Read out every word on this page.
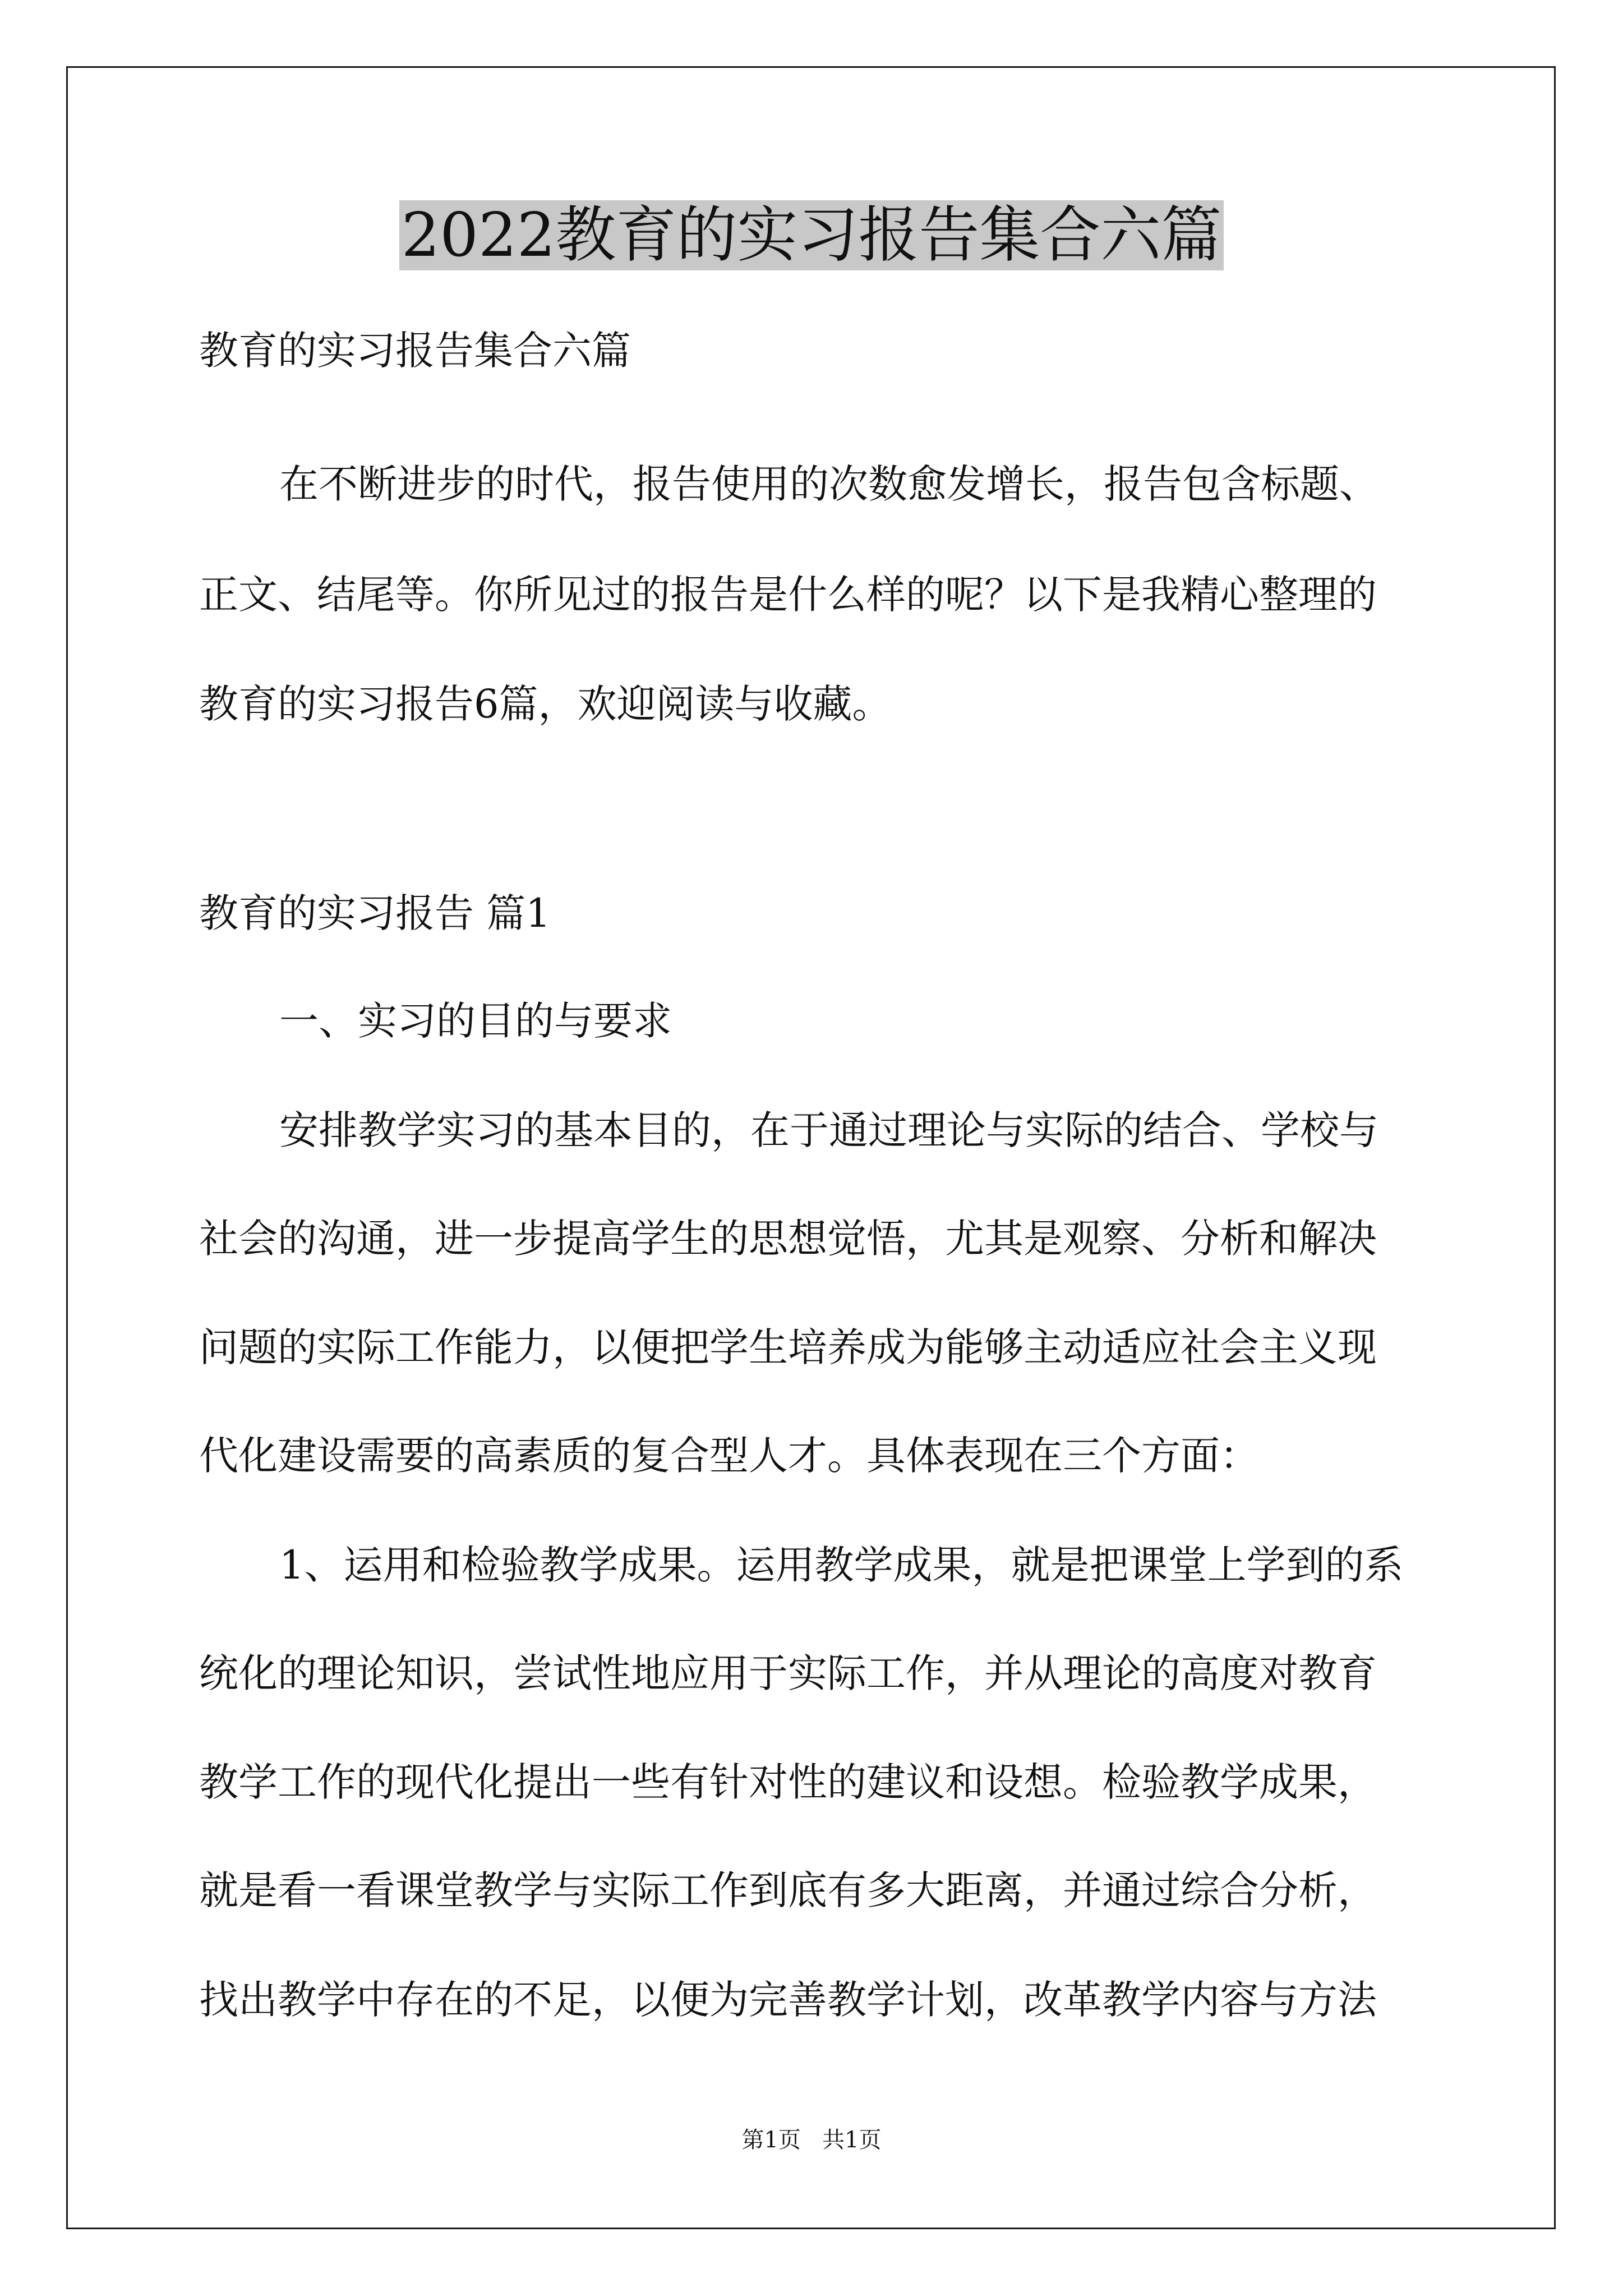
2022教育的实习报告集合六篇

教育的实习报告集合六篇

在不断进步的时代，报告使用的次数愈发增长，报告包含标题、

正文、结尾等。你所见过的报告是什么样的呢？以下是我精心整理的

教育的实习报告6篇，欢迎阅读与收藏。

教育的实习报告 篇1

一、实习的目的与要求

安排教学实习的基本目的，在于通过理论与实际的结合、学校与

社会的沟通，进一步提高学生的思想觉悟，尤其是观察、分析和解决

问题的实际工作能力，以便把学生培养成为能够主动适应社会主义现

代化建设需要的高素质的复合型人才。具体表现在三个方面：

1、运用和检验教学成果。运用教学成果，就是把课堂上学到的系

统化的理论知识，尝试性地应用于实际工作，并从理论的高度对教育

教学工作的现代化提出一些有针对性的建议和设想。检验教学成果，

就是看一看课堂教学与实际工作到底有多大距离，并通过综合分析，

找出教学中存在的不足，以便为完善教学计划，改革教学内容与方法

第1页   共1页
